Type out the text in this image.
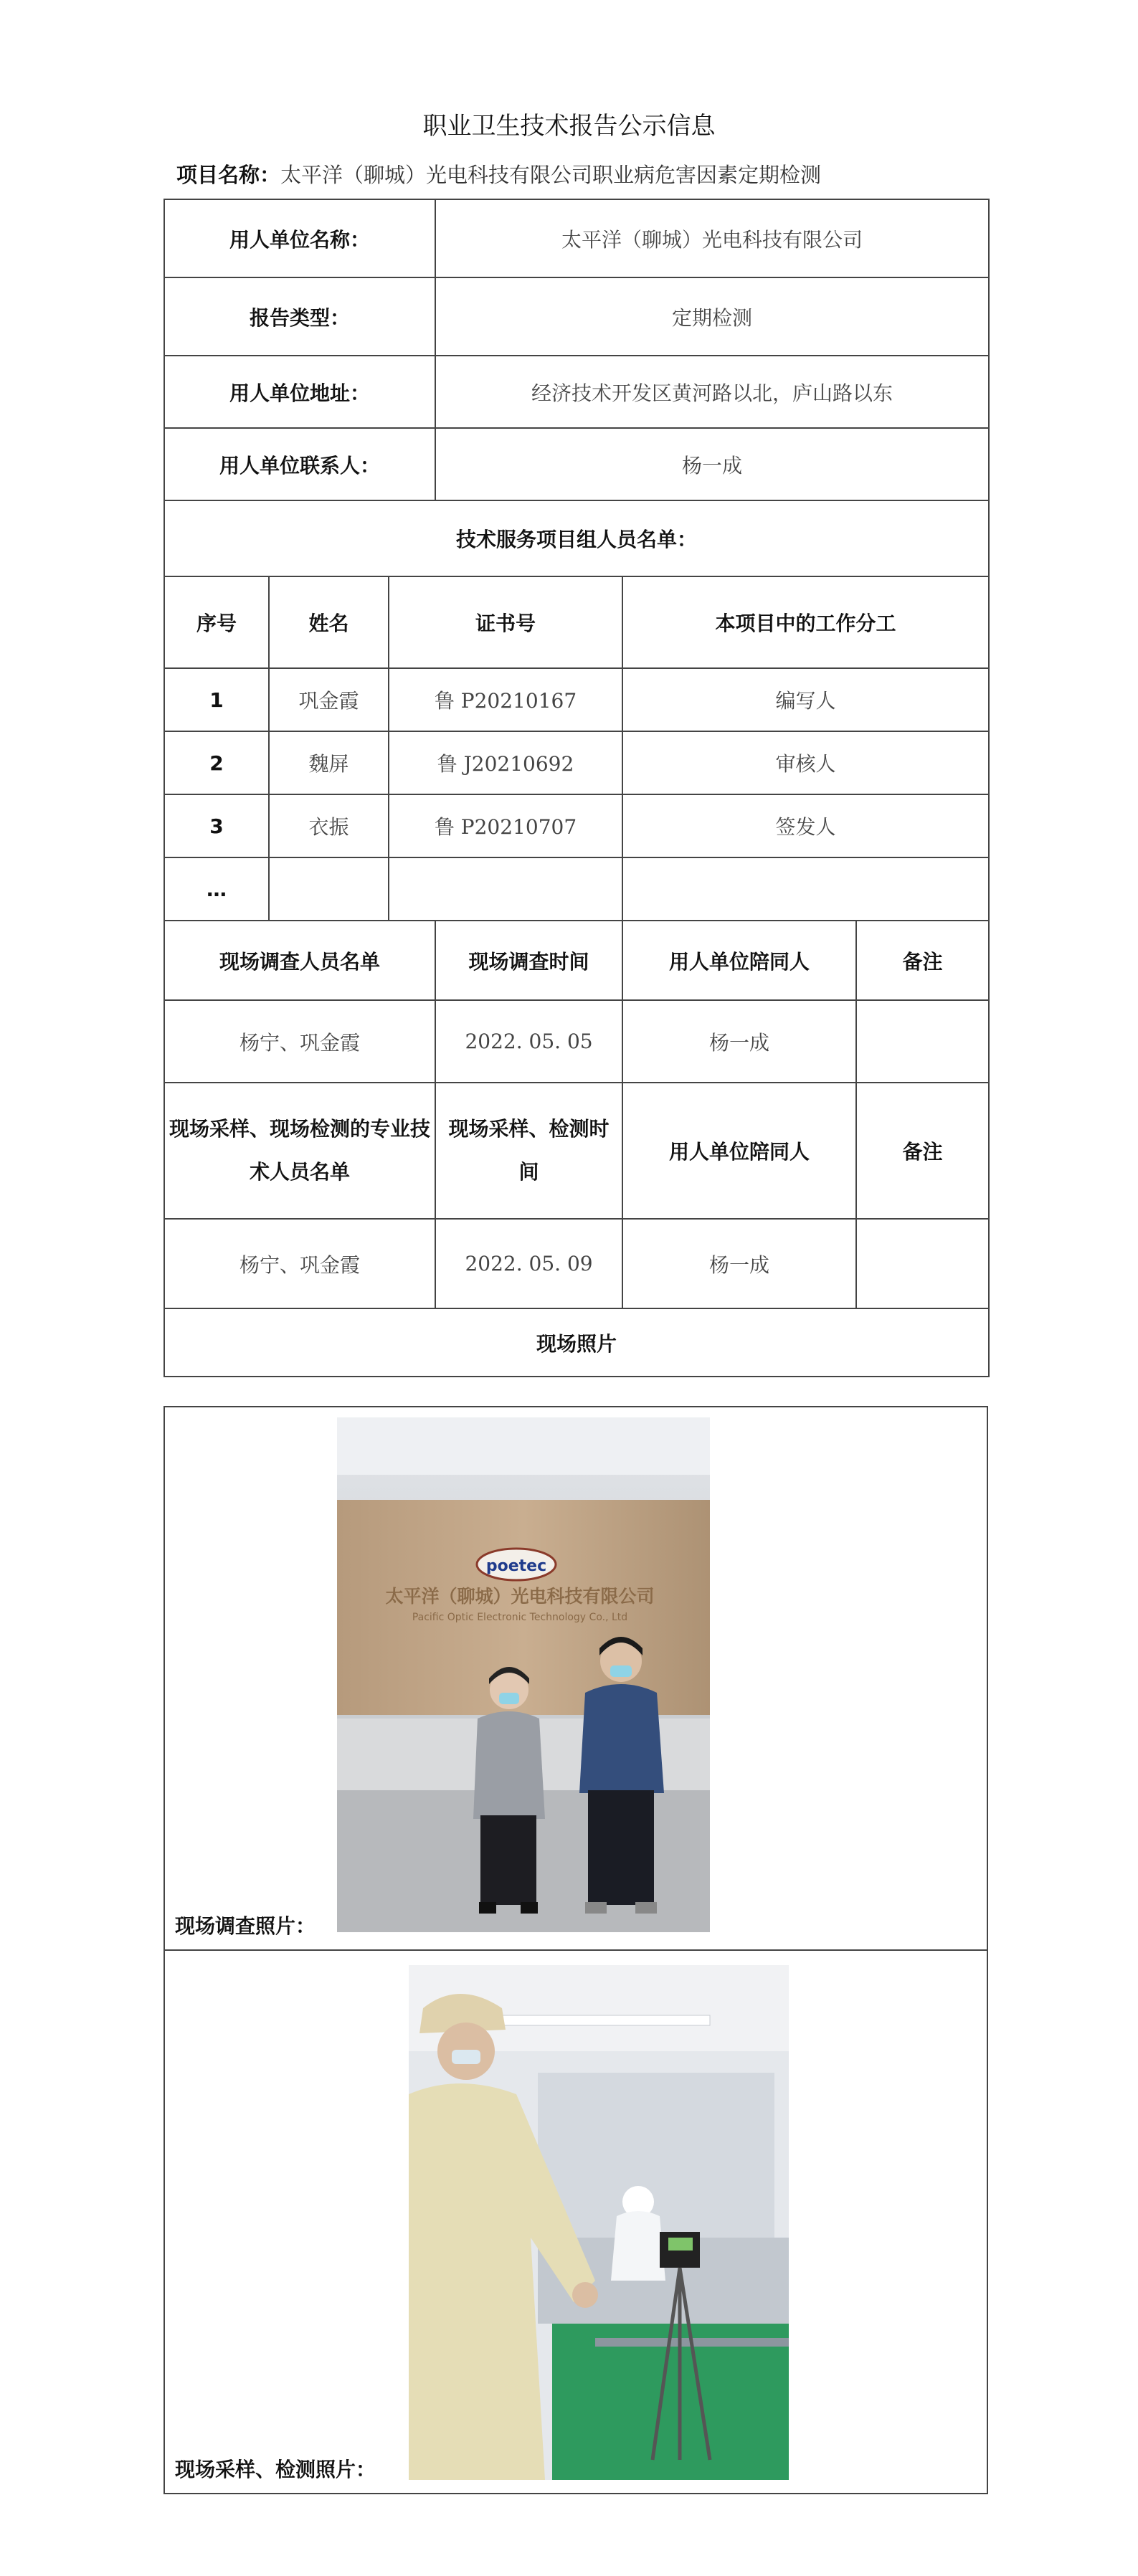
职业卫生技术报告公示信息
项目名称：太平洋（聊城）光电科技有限公司职业病危害因素定期检测
用人单位名称：			太平洋（聊城）光电科技有限公司		
报告类型：			定期检测		
用人单位地址：			经济技术开发区黄河路以北，庐山路以东		
用人单位联系人：			杨一成		
技术服务项目组人员名单：					
序号	姓名	证书号		本项目中的工作分工	
1	巩金霞	鲁 P20210167		编写人	
2	魏屏	鲁 J20210692		审核人	
3	衣振	鲁 P20210707		签发人	
…					
现场调查人员名单			现场调查时间	用人单位陪同人	备注
杨宁、巩金霞			2022. 05. 05	杨一成	
现场采样、现场检测的专业技术人员名单			现场采样、检测时间	用人单位陪同人	备注
杨宁、巩金霞			2022. 05. 09	杨一成	
现场照片					
现场调查照片：
poetec
太平洋（聊城）光电科技有限公司
Pacific Optic Electronic Technology Co., Ltd

现场采样、检测照片：
